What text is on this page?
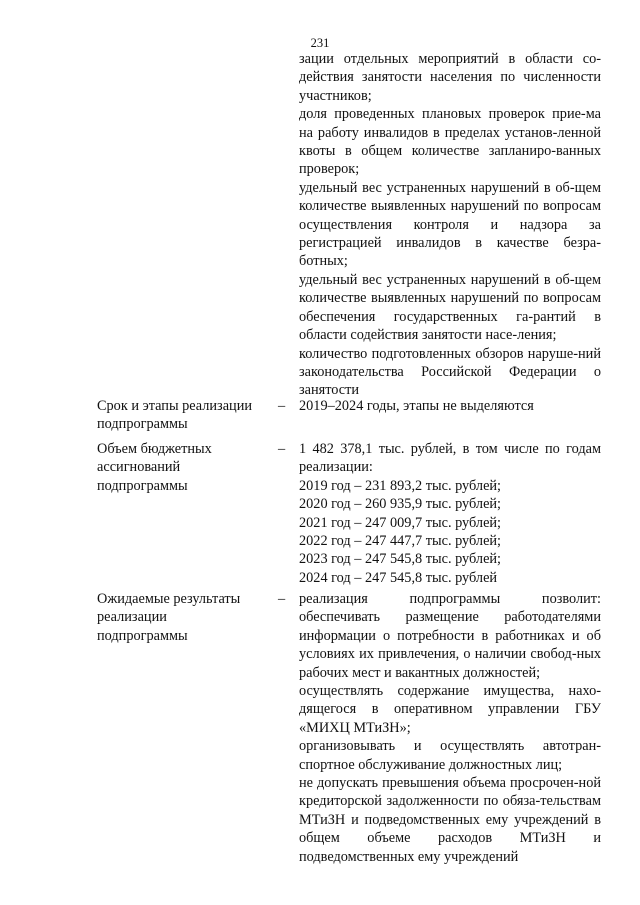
231

зации отдельных мероприятий в области со-действия занятости населения по численности участников;

доля проведенных плановых проверок прие-ма на работу инвалидов в пределах установ-ленной квоты в общем количестве запланиро-ванных проверок;

удельный вес устраненных нарушений в об-щем количестве выявленных нарушений по вопросам осуществления контроля и надзора за регистрацией инвалидов в качестве безра-ботных;

удельный вес устраненных нарушений в об-щем количестве выявленных нарушений по вопросам обеспечения государственных га-рантий в области содействия занятости насе-ления;

количество подготовленных обзоров наруше-ний законодательства Российской Федерации о занятости

Срок и этапы реализации
подпрограммы
– 2019–2024 годы, этапы не выделяются
Объем бюджетных
ассигнований
подпрограммы
– 1 482 378,1 тыс. рублей, в том числе по годам реализации:

2019 год – 231 893,2 тыс. рублей;
2020 год – 260 935,9 тыс. рублей;
2021 год – 247 009,7 тыс. рублей;
2022 год – 247 447,7 тыс. рублей;
2023 год – 247 545,8 тыс. рублей;
2024 год – 247 545,8 тыс. рублей
Ожидаемые результаты
реализации
подпрограммы
– реализация подпрограммы позволит: обеспечивать размещение работодателями информации о потребности в работниках и об условиях их привлечения, о наличии свобод-ных рабочих мест и вакантных должностей;

осуществлять содержание имущества, нахо-дящегося в оперативном управлении ГБУ «МИХЦ МТиЗН»;

организовывать и осуществлять автотран-спортное обслуживание должностных лиц;

не допускать превышения объема просрочен-ной кредиторской задолженности по обяза-тельствам МТиЗН и подведомственных ему учреждений в общем объеме расходов МТиЗН и подведомственных ему учреждений
